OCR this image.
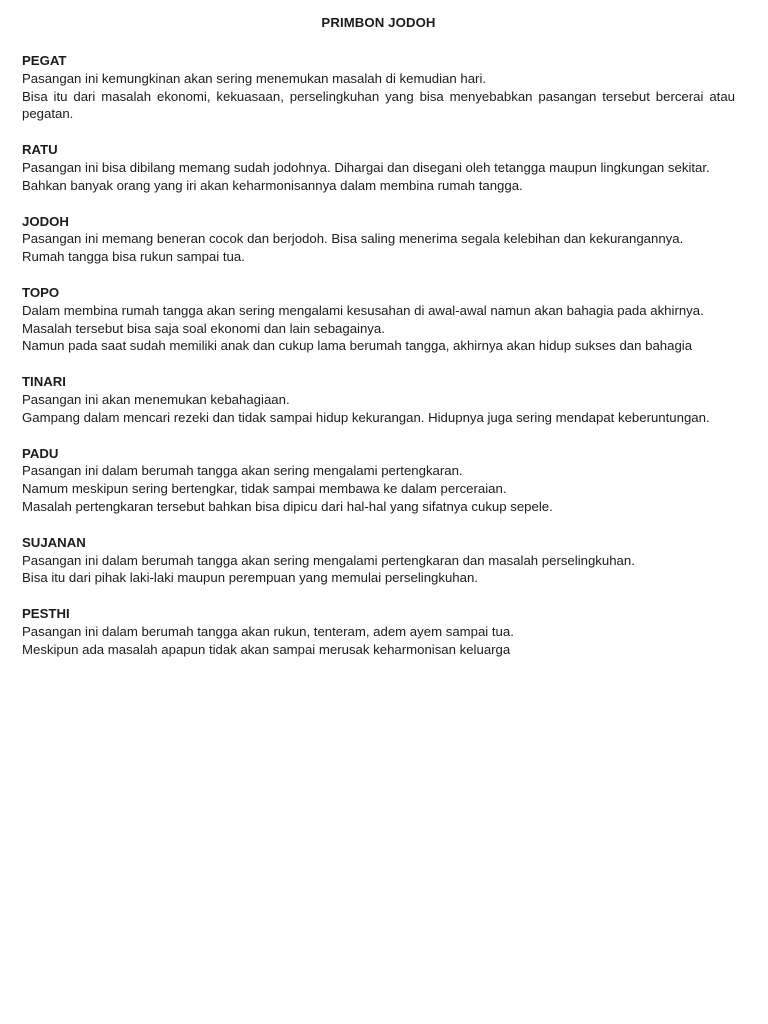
PRIMBON JODOH
PEGAT

Pasangan ini kemungkinan akan sering menemukan masalah di kemudian hari.

Bisa itu dari masalah ekonomi, kekuasaan, perselingkuhan yang bisa menyebabkan pasangan tersebut bercerai atau pegatan.

RATU

Pasangan ini bisa dibilang memang sudah jodohnya. Dihargai dan disegani oleh tetangga maupun lingkungan sekitar.

Bahkan banyak orang yang iri akan keharmonisannya dalam membina rumah tangga.

JODOH

Pasangan ini memang beneran cocok dan berjodoh. Bisa saling menerima segala kelebihan dan kekurangannya.

Rumah tangga bisa rukun sampai tua.

TOPO

Dalam membina rumah tangga akan sering mengalami kesusahan di awal-awal namun akan bahagia pada akhirnya.

Masalah tersebut bisa saja soal ekonomi dan lain sebagainya.

Namun pada saat sudah memiliki anak dan cukup lama berumah tangga, akhirnya akan hidup sukses dan bahagia

TINARI

Pasangan ini akan menemukan kebahagiaan.

Gampang dalam mencari rezeki dan tidak sampai hidup kekurangan. Hidupnya juga sering mendapat keberuntungan.

PADU

Pasangan ini dalam berumah tangga akan sering mengalami pertengkaran.

Namum meskipun sering bertengkar, tidak sampai membawa ke dalam perceraian.

Masalah pertengkaran tersebut bahkan bisa dipicu dari hal-hal yang sifatnya cukup sepele.

SUJANAN

Pasangan ini dalam berumah tangga akan sering mengalami pertengkaran dan masalah perselingkuhan.

Bisa itu dari pihak laki-laki maupun perempuan yang memulai perselingkuhan.

PESTHI

Pasangan ini dalam berumah tangga akan rukun, tenteram, adem ayem sampai tua.

Meskipun ada masalah apapun tidak akan sampai merusak keharmonisan keluarga
